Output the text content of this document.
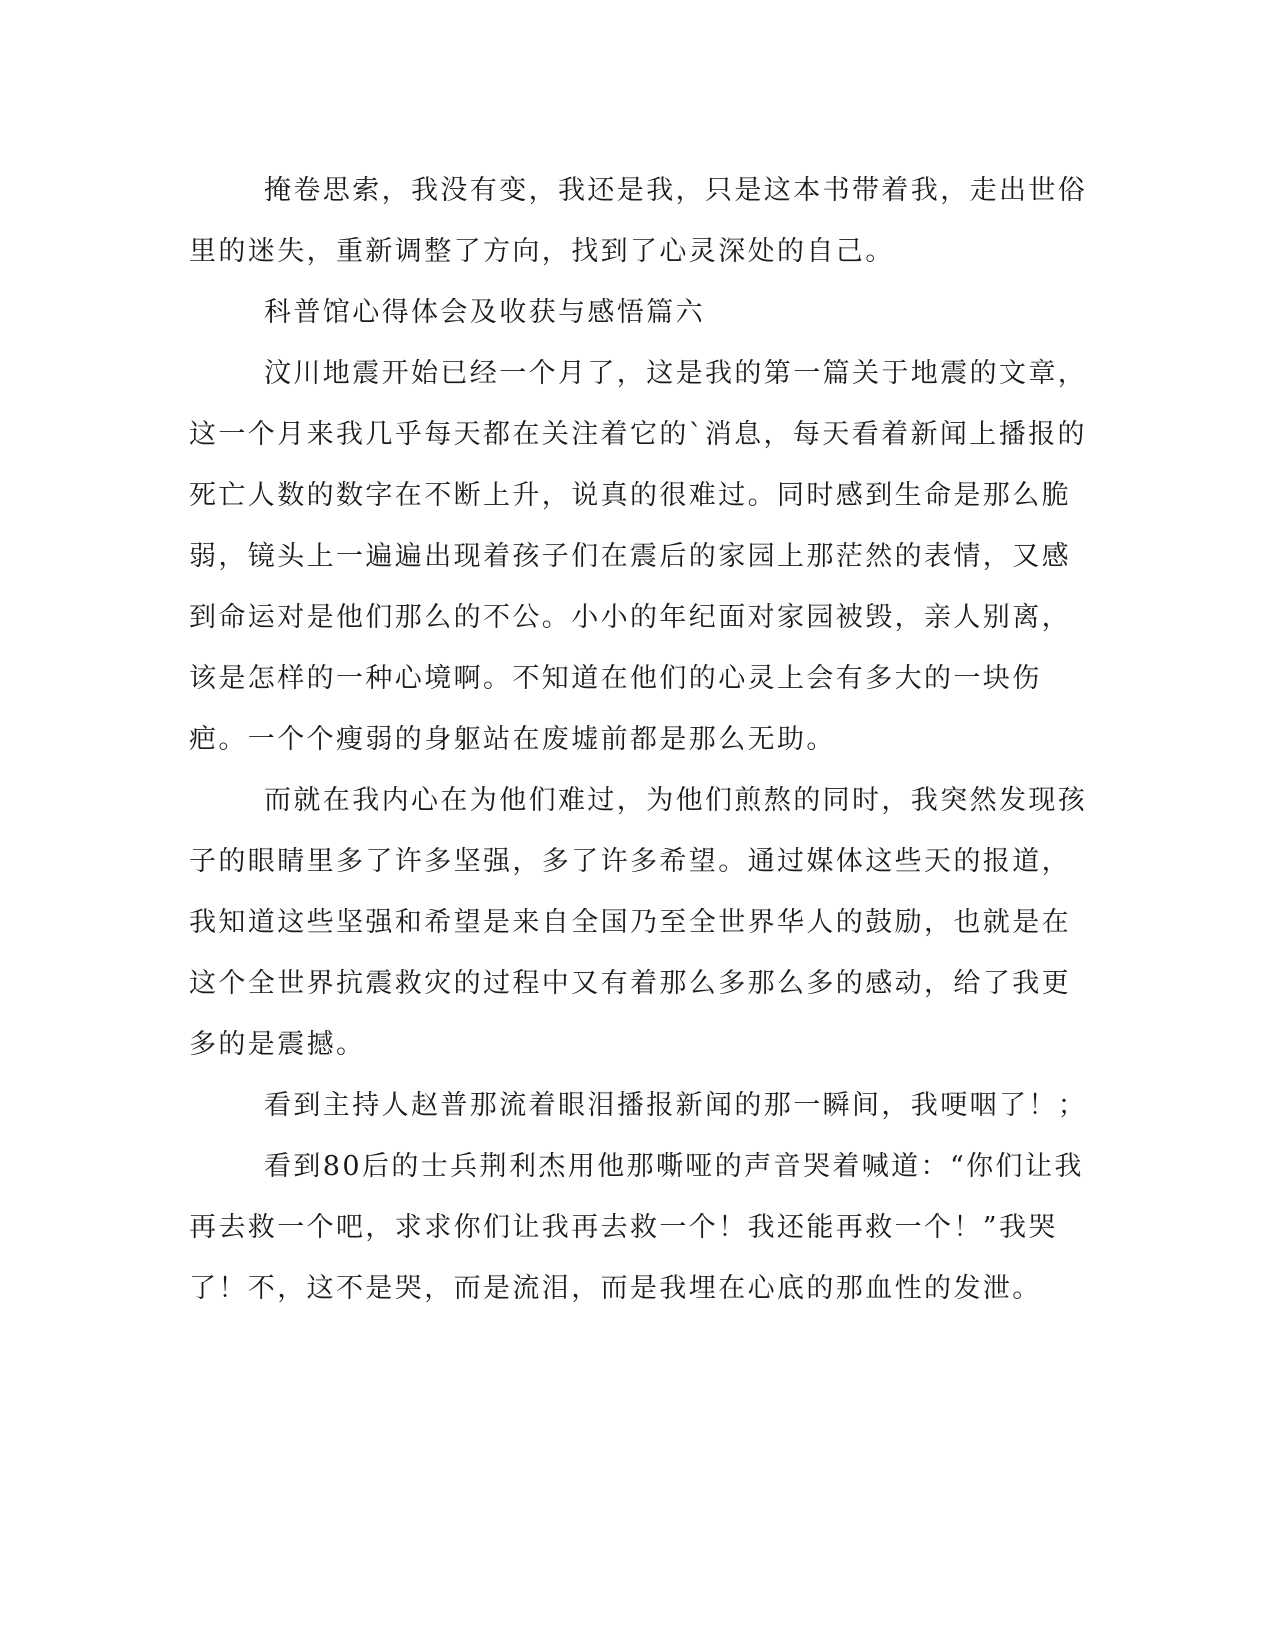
掩卷思索，我没有变，我还是我，只是这本书带着我，走出世俗里的迷失，重新调整了方向，找到了心灵深处的自己。

科普馆心得体会及收获与感悟篇六

汶川地震开始已经一个月了，这是我的第一篇关于地震的文章，这一个月来我几乎每天都在关注着它的`消息，每天看着新闻上播报的死亡人数的数字在不断上升，说真的很难过。同时感到生命是那么脆弱，镜头上一遍遍出现着孩子们在震后的家园上那茫然的表情，又感到命运对是他们那么的不公。小小的年纪面对家园被毁，亲人别离，该是怎样的一种心境啊。不知道在他们的心灵上会有多大的一块伤疤。一个个瘦弱的身躯站在废墟前都是那么无助。

而就在我内心在为他们难过，为他们煎熬的同时，我突然发现孩子的眼睛里多了许多坚强，多了许多希望。通过媒体这些天的报道，我知道这些坚强和希望是来自全国乃至全世界华人的鼓励，也就是在这个全世界抗震救灾的过程中又有着那么多那么多的感动，给了我更多的是震撼。

看到主持人赵普那流着眼泪播报新闻的那一瞬间，我哽咽了！；

看到80后的士兵荆利杰用他那嘶哑的声音哭着喊道：“你们让我再去救一个吧，求求你们让我再去救一个！我还能再救一个！”我哭了！不，这不是哭，而是流泪，而是我埋在心底的那血性的发泄。
